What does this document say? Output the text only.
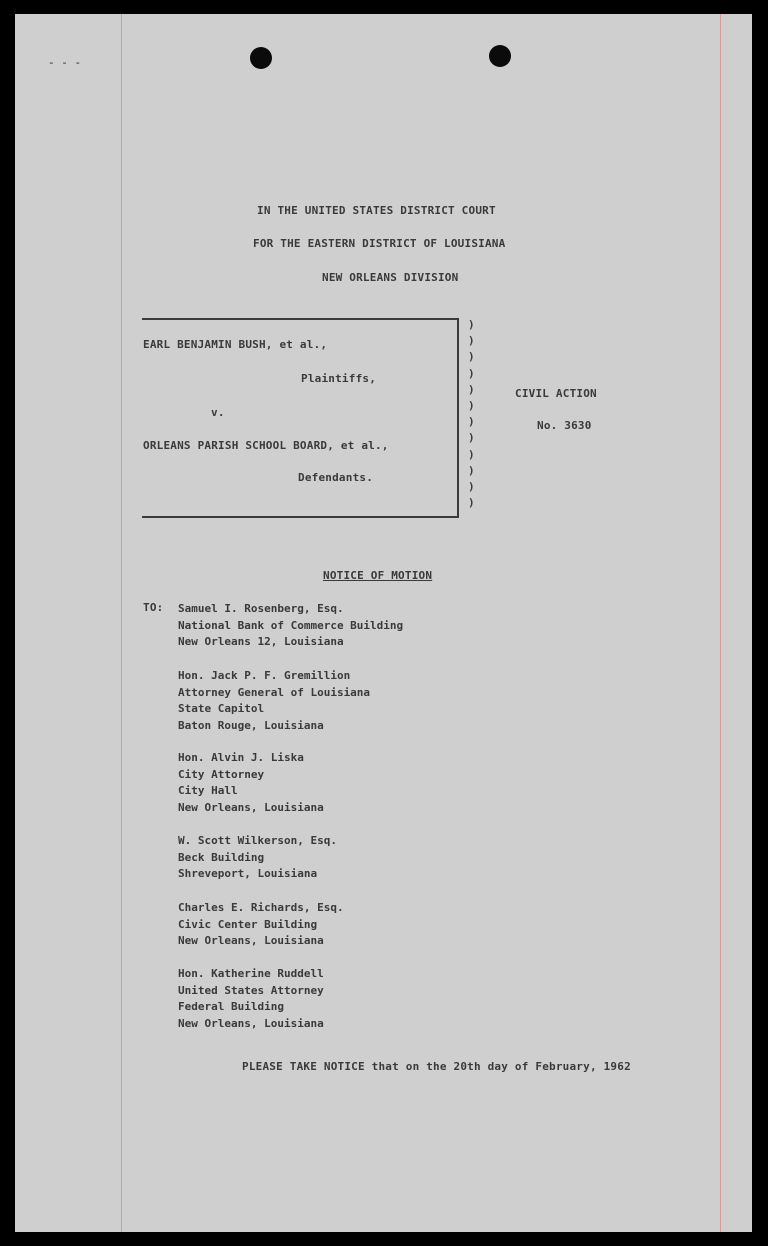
- - -
IN THE UNITED STATES DISTRICT COURT
FOR THE EASTERN DISTRICT OF LOUISIANA
NEW ORLEANS DIVISION
)
)
)
)
)
)
)
)
)
)
)
)
EARL BENJAMIN BUSH, et al.,
Plaintiffs,
v.
ORLEANS PARISH SCHOOL BOARD, et al.,
Defendants.
CIVIL ACTION
No. 3630
NOTICE OF MOTION
TO: Samuel I. Rosenberg, Esq.
National Bank of Commerce Building
New Orleans 12, Louisiana
Hon. Jack P. F. Gremillion
Attorney General of Louisiana
State Capitol
Baton Rouge, Louisiana
Hon. Alvin J. Liska
City Attorney
City Hall
New Orleans, Louisiana
W. Scott Wilkerson, Esq.
Beck Building
Shreveport, Louisiana
Charles E. Richards, Esq.
Civic Center Building
New Orleans, Louisiana
Hon. Katherine Ruddell
United States Attorney
Federal Building
New Orleans, Louisiana
PLEASE TAKE NOTICE that on the 20th day of February, 1962
